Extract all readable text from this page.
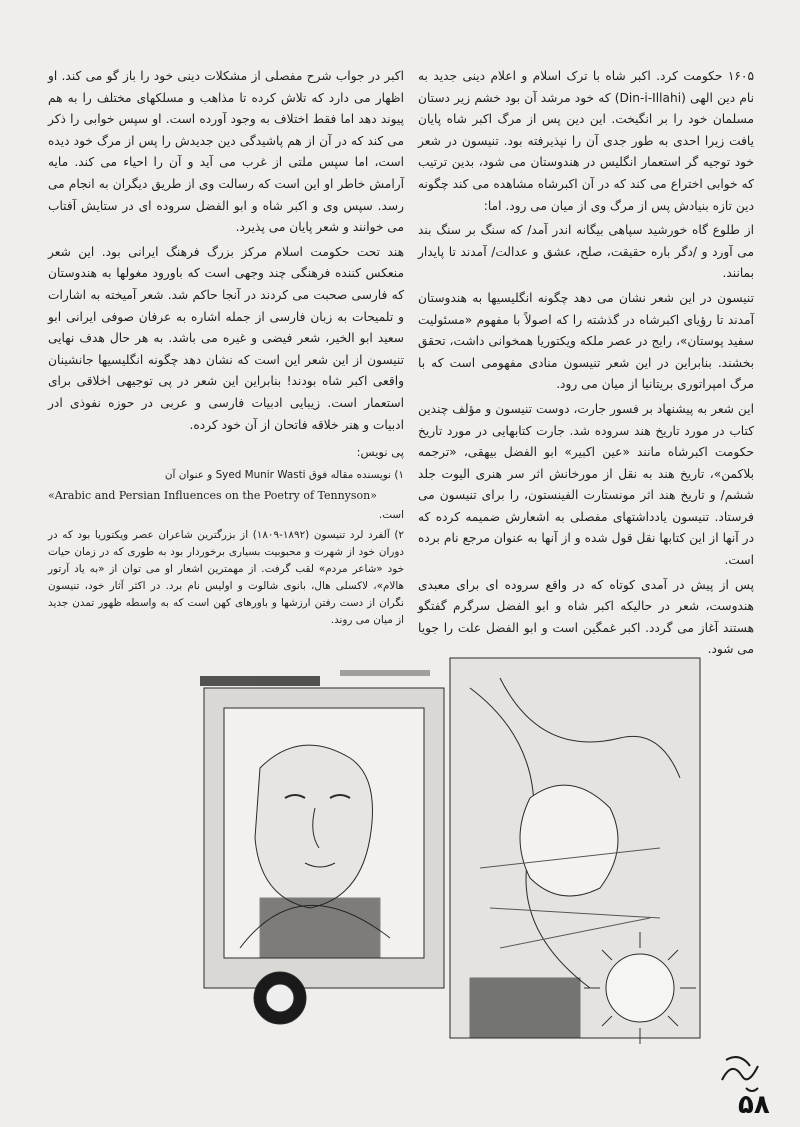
۱۶۰۵ حکومت کرد. اکبر شاه با ترک اسلام و اعلام دینی جدید به نام دین الهی (Din-i-Illahi) که خود مرشد آن بود خشم زیر دستان مسلمان خود را بر انگیخت. این دین پس از مرگ اکبر شاه پایان یافت زیرا احدی به طور جدی آن را نپذیرفته بود. تنیسون در شعر خود توجیه گر استعمار انگلیس در هندوستان می شود، بدین ترتیب که خوابی اختراع می کند که در آن اکبرشاه مشاهده می کند چگونه دین تازه بنیادش پس از مرگ وی از میان می رود. اما:

از طلوع گاه خورشید سپاهی بیگانه اندر آمد/ که سنگ بر سنگ بند می آورد و /دگر باره حقیقت، صلح، عشق و عدالت/ آمدند تا پایدار بمانند.

تنیسون در این شعر نشان می دهد چگونه انگلیسیها به هندوستان آمدند تا رؤیای اکبرشاه در گذشته را که اصولاً با مفهوم «مسئولیت سفید پوستان»، رایج در عصر ملکه ویکتوریا همخوانی داشت، تحقق بخشند. بنابراین در این شعر تنیسون منادی مفهومی است که با مرگ امپراتوری بریتانیا از میان می رود.

این شعر به پیشنهاد بر فسور جارت، دوست تنیسون و مؤلف چندین کتاب در مورد تاریخ هند سروده شد. جارت کتابهایی در مورد تاریخ حکومت اکبرشاه مانند «عین اکبیر» ابو الفضل بیهقی، «ترجمه بلاکمن»، تاریخ هند به نقل از مورخانش اثر سر هنری الیوت جلد ششم/ و تاریخ هند اثر مونستارت الفینستون، را برای تنیسون می فرستاد. تنیسون یادداشتهای مفصلی به اشعارش ضمیمه کرده که در آنها از این کتابها نقل قول شده و از آنها به عنوان مرجع نام برده است.

پس از پیش در آمدی کوتاه که در واقع سروده ای برای معبدی هندوست، شعر در حالیکه اکبر شاه و ابو الفضل سرگرم گفتگو هستند آغاز می گردد. اکبر غمگین است و ابو الفضل علت را جویا می شود.

اکبر در جواب شرح مفصلی از مشکلات دینی خود را باز گو می کند. او اظهار می دارد که تلاش کرده تا مذاهب و مسلکهای مختلف را به هم پیوند دهد اما فقط اختلاف به وجود آورده است. او سپس خوابی را ذکر می کند که در آن از هم پاشیدگی دین جدیدش را پس از مرگ خود دیده است، اما سپس ملتی از غرب می آید و آن را احیاء می کند. مایه آرامش خاطر او این است که رسالت وی از طریق دیگران به انجام می رسد. سپس وی و اکبر شاه و ابو الفضل سروده ای در ستایش آفتاب می خوانند و شعر پایان می پذیرد.

هند تحت حکومت اسلام مرکز بزرگ فرهنگ ایرانی بود. این شعر منعکس کننده فرهنگی چند وجهی است که باورود مغولها به هندوستان که فارسی صحبت می کردند در آنجا حاکم شد. شعر آمیخته به اشارات و تلمیحات به زبان فارسی از جمله اشاره به عرفان صوفی ایرانی ابو سعید ابو الخیر، شعر فیضی و غیره می باشد. به هر حال هدف نهایی تنیسون از این شعر این است که نشان دهد چگونه انگلیسیها جانشینان واقعی اکبر شاه بودند! بنابراین این شعر در پی توجیهی اخلاقی برای استعمار است. زیبایی ادبیات فارسی و عربی در حوزه نفوذی ادر ادبیات و هنر خلاقه فاتحان از آن خود کرده.

پی نویس:

۱) نویسنده مقاله فوق Syed Munir Wasti و عنوان آن

«Arabic and Persian Influences on the Poetry of Tennyson»

است.

۲) آلفرد لرد تنیسون (۱۸۹۲-۱۸۰۹) از بزرگترین شاعران عصر ویکتوریا بود که در دوران خود از شهرت و محبوبیت بسیاری برخوردار بود به طوری که در زمان حیات خود «شاعر مردم» لقب گرفت. از مهمترین اشعار او می توان از «به یاد آرتور هالام»، لاکسلی هال، بانوی شالوت و اولیس نام برد. در اکثر آثار خود، تنیسون نگران از دست رفتن ارزشها و باورهای کهن است که به واسطه ظهور تمدن جدید از میان می روند.

۵۸
